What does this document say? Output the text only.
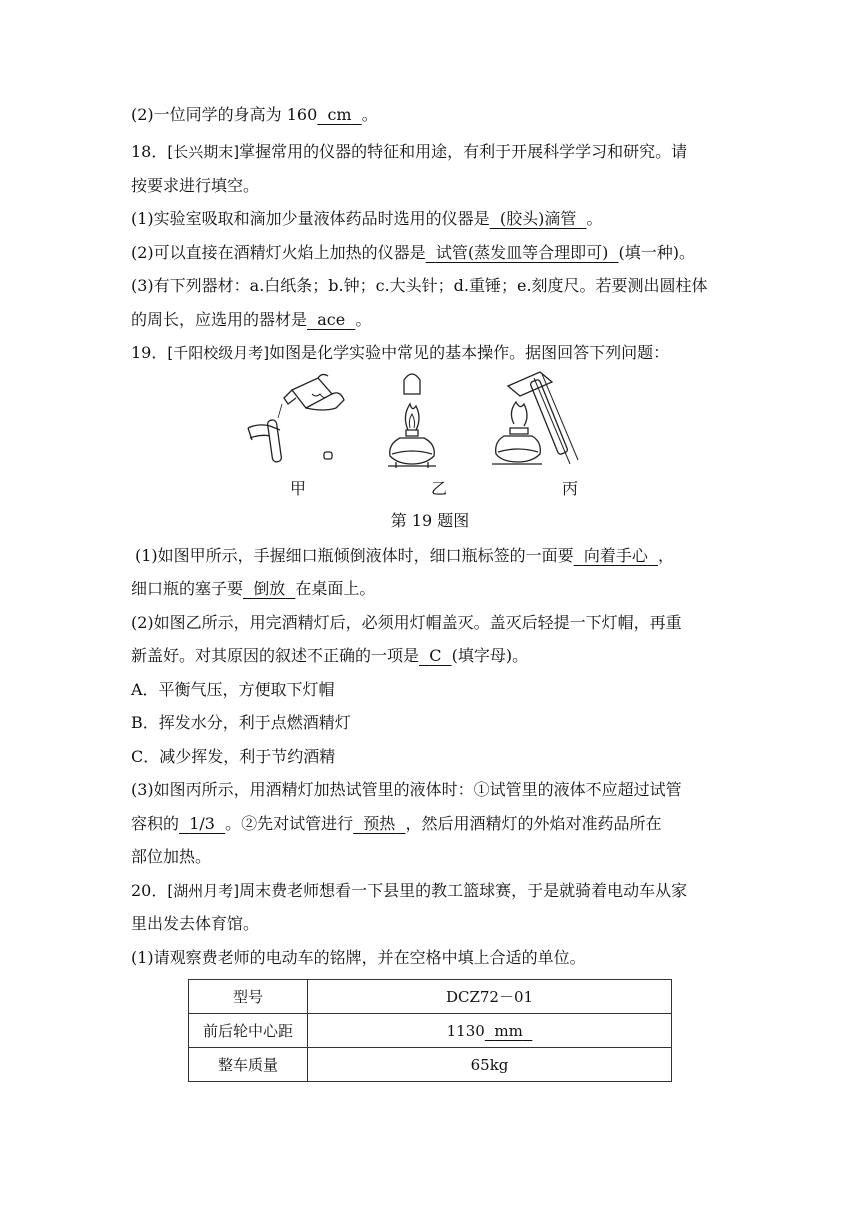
(2)一位同学的身高为 160 cm 。
18．[长兴期末]掌握常用的仪器的特征和用途，有利于开展科学学习和研究。请
按要求进行填空。
(1)实验室吸取和滴加少量液体药品时选用的仪器是 (胶头)滴管 。
(2)可以直接在酒精灯火焰上加热的仪器是 试管(蒸发皿等合理即可) (填一种)。
(3)有下列器材：a.白纸条；b.钟；c.大头针；d.重锤；e.刻度尺。若要测出圆柱体
的周长，应选用的器材是 ace 。
19．[千阳校级月考]如图是化学实验中常见的基本操作。据图回答下列问题：
甲	乙	丙
第 19 题图
(1)如图甲所示，手握细口瓶倾倒液体时，细口瓶标签的一面要 向着手心 ，
细口瓶的塞子要 倒放 在桌面上。
(2)如图乙所示，用完酒精灯后，必须用灯帽盖灭。盖灭后轻提一下灯帽，再重
新盖好。对其原因的叙述不正确的一项是 C (填字母)。
A．平衡气压，方便取下灯帽
B．挥发水分，利于点燃酒精灯
C．减少挥发，利于节约酒精
(3)如图丙所示，用酒精灯加热试管里的液体时：①试管里的液体不应超过试管
容积的 1/3 。②先对试管进行 预热 ，然后用酒精灯的外焰对准药品所在
部位加热。
20．[湖州月考]周末费老师想看一下县里的教工篮球赛，于是就骑着电动车从家
里出发去体育馆。
(1)请观察费老师的电动车的铭牌，并在空格中填上合适的单位。
型号	DCZ72－01
前后轮中心距	1130 mm
整车质量	65kg
